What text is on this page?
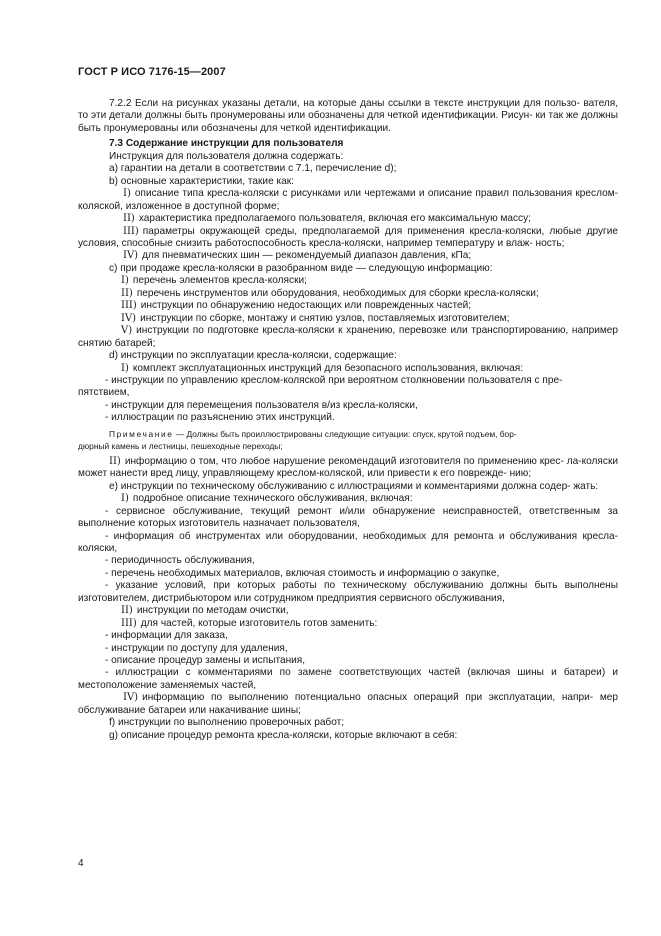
ГОСТ Р ИСО 7176-15—2007

7.2.2 Если на рисунках указаны детали, на которые даны ссылки в тексте инструкции для пользо- вателя, то эти детали должны быть пронумерованы или обозначены для четкой идентификации. Рисун- ки так же должны быть пронумерованы или обозначены для четкой идентификации.

7.3 Содержание инструкции для пользователя

Инструкция для пользователя должна содержать:

a) гарантии на детали в соответствии с 7.1, перечисление d);

b) основные характеристики, такие как:

I) описание типа кресла-коляски с рисунками или чертежами и описание правил пользования креслом-коляской, изложенное в доступной форме;

II) характеристика предполагаемого пользователя, включая его максимальную массу;

III) параметры окружающей среды, предполагаемой для применения кресла-коляски, любые другие условия, способные снизить работоспособность кресла-коляски, например температуру и влаж- ность;

IV) для пневматических шин — рекомендуемый диапазон давления, кПа;

c) при продаже кресла-коляски в разобранном виде — следующую информацию:

I) перечень элементов кресла-коляски;

II) перечень инструментов или оборудования, необходимых для сборки кресла-коляски;

III) инструкции по обнаружению недостающих или поврежденных частей;

IV) инструкции по сборке, монтажу и снятию узлов, поставляемых изготовителем;

V) инструкции по подготовке кресла-коляски к хранению, перевозке или транспортированию, например снятию батарей;

d) инструкции по эксплуатации кресла-коляски, содержащие:

I) комплект эксплуатационных инструкций для безопасного использования, включая:

- инструкции по управлению креслом-коляской при вероятном столкновении пользователя с пре-

пятствием,

- инструкции для перемещения пользователя в/из кресла-коляски,

- иллюстрации по разъяснению этих инструкций.

Примечание — Должны быть проиллюстрированы следующие ситуации: спуск, крутой подъем, бор-
дюрный камень и лестницы, пешеходные переходы;

II) информацию о том, что любое нарушение рекомендаций изготовителя по применению крес- ла-коляски может нанести вред лицу, управляющему креслом-коляской, или привести к его поврежде- нию;

e) инструкции по техническому обслуживанию с иллюстрациями и комментариями должна содер- жать:

I) подробное описание технического обслуживания, включая:

- сервисное обслуживание, текущий ремонт и/или обнаружение неисправностей, ответственным за выполнение которых изготовитель назначает пользователя,

- информация об инструментах или оборудовании, необходимых для ремонта и обслуживания кресла-коляски,

- периодичность обслуживания,

- перечень необходимых материалов, включая стоимость и информацию о закупке,

- указание условий, при которых работы по техническому обслуживанию должны быть выполнены изготовителем, дистрибьютором или сотрудником предприятия сервисного обслуживания,

II) инструкции по методам очистки,

III) для частей, которые изготовитель готов заменить:

- информации для заказа,

- инструкции по доступу для удаления,

- описание процедур замены и испытания,

- иллюстрации с комментариями по замене соответствующих частей (включая шины и батареи) и местоположение заменяемых частей,

IV) информацию по выполнению потенциально опасных операций при эксплуатации, напри- мер обслуживание батареи или накачивание шины;

f) инструкции по выполнению проверочных работ;

g) описание процедур ремонта кресла-коляски, которые включают в себя:

4
